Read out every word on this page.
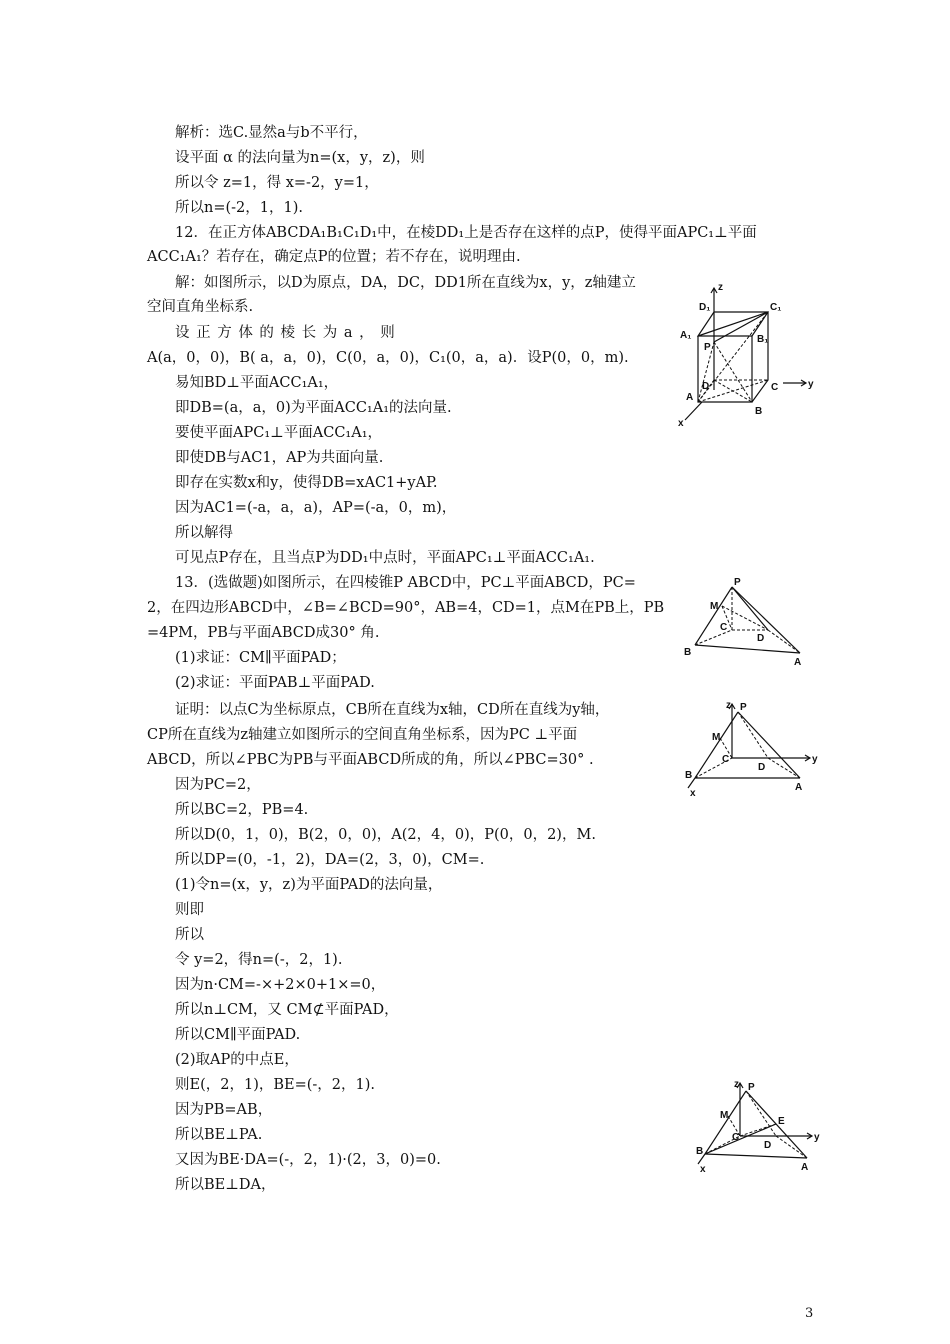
解析：选C.显然a与b不平行，
设平面 α 的法向量为n=(x，y，z)，则
所以令 z=1，得 x=-2，y=1，
所以n=(-2，1，1).
12．在正方体ABCDA₁B₁C₁D₁中，在棱DD₁上是否存在这样的点P，使得平面APC₁⊥平面
ACC₁A₁？若存在，确定点P的位置；若不存在，说明理由.
解：如图所示，以D为原点，DA，DC，DD1所在直线为x，y，z轴建立
空间直角坐标系.
设 正 方 体 的 棱 长 为 a ， 则
A(a，0，0)，B( a，a，0)，C(0，a，0)，C₁(0，a，a)．设P(0，0，m).
易知BD⊥平面ACC₁A₁，
即DB=(a，a，0)为平面ACC₁A₁的法向量.
要使平面APC₁⊥平面ACC₁A₁，
即使DB与AC1，AP为共面向量.
即存在实数x和y，使得DB=xAC1+yAP.
因为AC1=(-a，a，a)，AP=(-a，0，m)，
所以解得
可见点P存在，且当点P为DD₁中点时，平面APC₁⊥平面ACC₁A₁.
13．(选做题)如图所示，在四棱锥P ABCD中，PC⊥平面ABCD，PC=
2，在四边形ABCD中，∠B=∠BCD=90°，AB=4，CD=1，点M在PB上，PB
=4PM，PB与平面ABCD成30° 角.
(1)求证：CM∥平面PAD；
(2)求证：平面PAB⊥平面PAD.
证明：以点C为坐标原点，CB所在直线为x轴，CD所在直线为y轴，
CP所在直线为z轴建立如图所示的空间直角坐标系，因为PC ⊥平面
ABCD，所以∠PBC为PB与平面ABCD所成的角，所以∠PBC=30° .
因为PC=2，
所以BC=2，PB=4.
所以D(0，1，0)，B(2，0，0)，A(2，4，0)，P(0，0，2)，M.
所以DP=(0，-1，2)，DA=(2，3，0)，CM=.
(1)令n=(x，y，z)为平面PAD的法向量，
则即
所以
令 y=2，得n=(-，2，1).
因为n·CM=-×+2×0+1×=0，
所以n⊥CM，又 CM⊄平面PAD，
所以CM∥平面PAD.
(2)取AP的中点E，
则E(，2，1)，BE=(-，2，1).
因为PB=AB，
所以BE⊥PA.
又因为BE·DA=(-，2，1)·(2，3，0)=0.
所以BE⊥DA，
z
y
x
D₁	C₁
A₁	B₁
P
D	C
A
B
P
M
C
D
B
A
z P
M
C
D
y
B
A
x
z P
M
E
C
D
y
B
A
x
3
